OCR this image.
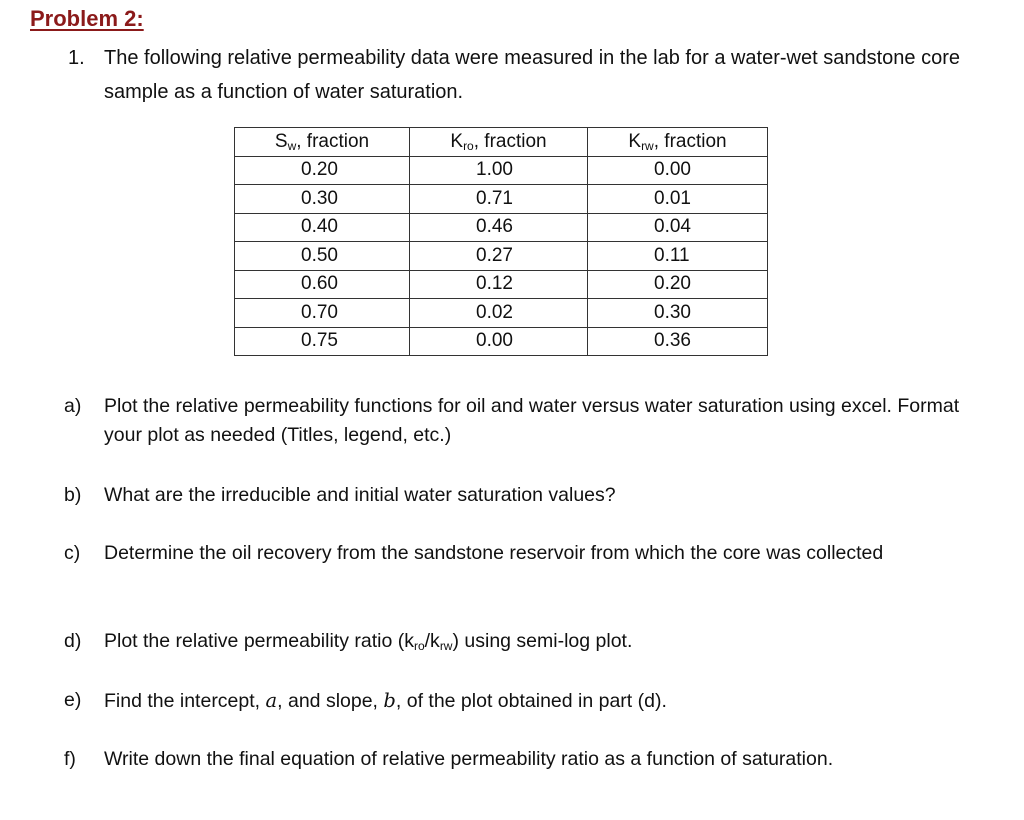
Problem 2:
1. The following relative permeability data were measured in the lab for a water-wet sandstone core sample as a function of water saturation.
$S_w$, fraction	$K_{ro}$, fraction	$K_{rw}$, fraction
0.20	1.00	0.00
0.30	0.71	0.01
0.40	0.46	0.04
0.50	0.27	0.11
0.60	0.12	0.20
0.70	0.02	0.30
0.75	0.00	0.36
a) Plot the relative permeability functions for oil and water versus water saturation using excel. Format your plot as needed (Titles, legend, etc.)
b) What are the irreducible and initial water saturation values?
c) Determine the oil recovery from the sandstone reservoir from which the core was collected
d) Plot the relative permeability ratio $(k_{ro}/k_{rw})$ using semi-log plot.
e) Find the intercept, a, and slope, b, of the plot obtained in part (d).
f) Write down the final equation of relative permeability ratio as a function of saturation.
